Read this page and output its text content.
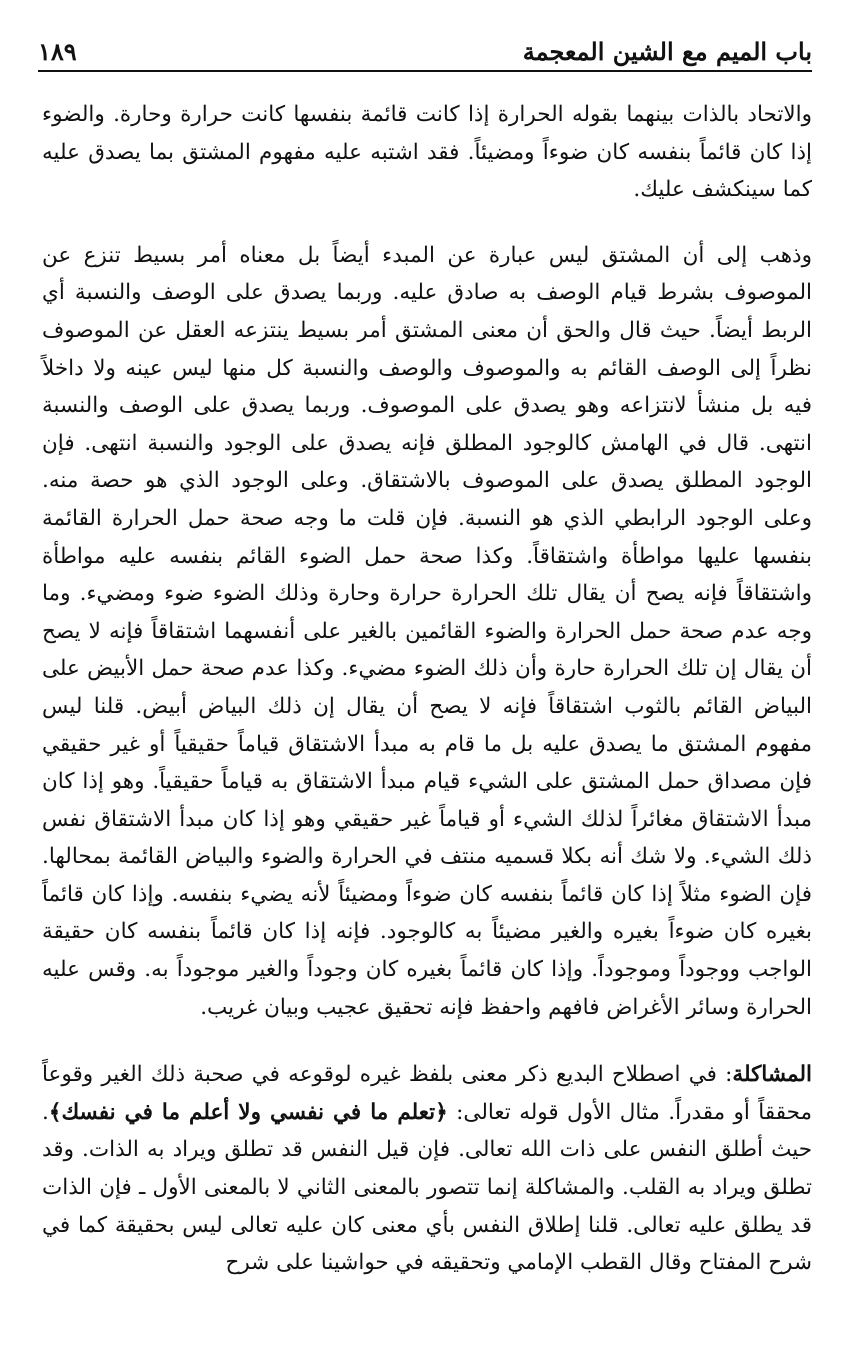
باب الميم مع الشين المعجمة
١٨٩

والاتحاد بالذات بينهما بقوله الحرارة إذا كانت قائمة بنفسها كانت حرارة وحارة. والضوء إذا كان قائماً بنفسه كان ضوءاً ومضيئاً. فقد اشتبه عليه مفهوم المشتق بما يصدق عليه كما سينكشف عليك.

وذهب إلى أن المشتق ليس عبارة عن المبدء أيضاً بل معناه أمر بسيط تنزع عن الموصوف بشرط قيام الوصف به صادق عليه. وربما يصدق على الوصف والنسبة أي الربط أيضاً. حيث قال والحق أن معنى المشتق أمر بسيط ينتزعه العقل عن الموصوف نظراً إلى الوصف القائم به والموصوف والوصف والنسبة كل منها ليس عينه ولا داخلاً فيه بل منشأ لانتزاعه وهو يصدق على الموصوف. وربما يصدق على الوصف والنسبة انتهى. قال في الهامش كالوجود المطلق فإنه يصدق على الوجود والنسبة انتهى. فإن الوجود المطلق يصدق على الموصوف بالاشتقاق. وعلى الوجود الذي هو حصة منه. وعلى الوجود الرابطي الذي هو النسبة. فإن قلت ما وجه صحة حمل الحرارة القائمة بنفسها عليها مواطأة واشتقاقاً. وكذا صحة حمل الضوء القائم بنفسه عليه مواطأة واشتقاقاً فإنه يصح أن يقال تلك الحرارة حرارة وحارة وذلك الضوء ضوء ومضيء. وما وجه عدم صحة حمل الحرارة والضوء القائمين بالغير على أنفسهما اشتقاقاً فإنه لا يصح أن يقال إن تلك الحرارة حارة وأن ذلك الضوء مضيء. وكذا عدم صحة حمل الأبيض على البياض القائم بالثوب اشتقاقاً فإنه لا يصح أن يقال إن ذلك البياض أبيض. قلنا ليس مفهوم المشتق ما يصدق عليه بل ما قام به مبدأ الاشتقاق قياماً حقيقياً أو غير حقيقي فإن مصداق حمل المشتق على الشيء قيام مبدأ الاشتقاق به قياماً حقيقياً. وهو إذا كان مبدأ الاشتقاق مغائراً لذلك الشيء أو قياماً غير حقيقي وهو إذا كان مبدأ الاشتقاق نفس ذلك الشيء. ولا شك أنه بكلا قسميه منتف في الحرارة والضوء والبياض القائمة بمحالها. فإن الضوء مثلاً إذا كان قائماً بنفسه كان ضوءاً ومضيئاً لأنه يضيء بنفسه. وإذا كان قائماً بغيره كان ضوءاً بغيره والغير مضيئاً به كالوجود. فإنه إذا كان قائماً بنفسه كان حقيقة الواجب ووجوداً وموجوداً. وإذا كان قائماً بغيره كان وجوداً والغير موجوداً به. وقس عليه الحرارة وسائر الأغراض فافهم واحفظ فإنه تحقيق عجيب وبيان غريب.

المشاكلة: في اصطلاح البديع ذكر معنى بلفظ غيره لوقوعه في صحبة ذلك الغير وقوعاً محققاً أو مقدراً. مثال الأول قوله تعالى: ﴿تعلم ما في نفسي ولا أعلم ما في نفسك﴾. حيث أطلق النفس على ذات الله تعالى. فإن قيل النفس قد تطلق ويراد به الذات. وقد تطلق ويراد به القلب. والمشاكلة إنما تتصور بالمعنى الثاني لا بالمعنى الأول ـ فإن الذات قد يطلق عليه تعالى. قلنا إطلاق النفس بأي معنى كان عليه تعالى ليس بحقيقة كما في شرح المفتاح وقال القطب الإمامي وتحقيقه في حواشينا على شرح
